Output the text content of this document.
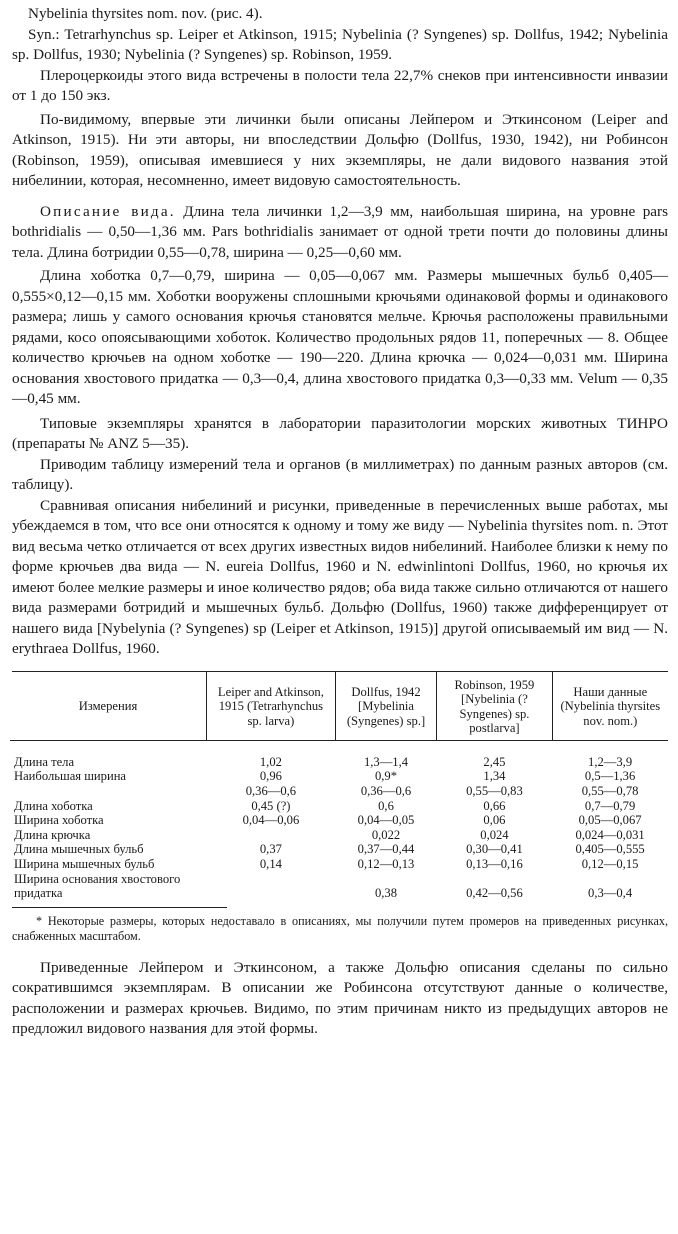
Nybelinia thyrsites nom. nov. (рис. 4).

Syn.: Tetrarhynchus sp. Leiper et Atkinson, 1915; Nybelinia (? Syngenes) sp. Dollfus, 1942; Nybelinia sp. Dollfus, 1930; Nybelinia (? Syngenes) sp. Robinson, 1959.

Плероцеркоиды этого вида встречены в полости тела 22,7% снеков при интенсивности инвазии от 1 до 150 экз.

По-видимому, впервые эти личинки были описаны Лейпером и Эткинсоном (Leiper and Atkinson, 1915). Ни эти авторы, ни впоследствии Дольфю (Dollfus, 1930, 1942), ни Робинсон (Robinson, 1959), описывая имевшиеся у них экземпляры, не дали видового названия этой нибелинии, которая, несомненно, имеет видовую самостоятельность.

Описание вида. Длина тела личинки 1,2—3,9 мм, наибольшая ширина, на уровне pars bothridialis — 0,50—1,36 мм. Pars bothridialis занимает от одной трети почти до половины длины тела. Длина ботридии 0,55—0,78, ширина — 0,25—0,60 мм.

Длина хоботка 0,7—0,79, ширина — 0,05—0,067 мм. Размеры мышечных бульб 0,405—0,555×0,12—0,15 мм. Хоботки вооружены сплошными крючьями одинаковой формы и одинакового размера; лишь у самого основания крючья становятся мельче. Крючья расположены правильными рядами, косо опоясывающими хоботок. Количество продольных рядов 11, поперечных — 8. Общее количество крючьев на одном хоботке — 190—220. Длина крючка — 0,024—0,031 мм. Ширина основания хвостового придатка — 0,3—0,4, длина хвостового придатка 0,3—0,33 мм. Velum — 0,35—0,45 мм.

Типовые экземпляры хранятся в лаборатории паразитологии морских животных ТИНРО (препараты № ANZ 5—35).

Приводим таблицу измерений тела и органов (в миллиметрах) по данным разных авторов (см. таблицу).

Сравнивая описания нибелиний и рисунки, приведенные в перечисленных выше работах, мы убеждаемся в том, что все они относятся к одному и тому же виду — Nybelinia thyrsites nom. n. Этот вид весьма четко отличается от всех других известных видов нибелиний. Наиболее близки к нему по форме крючьев два вида — N. eureia Dollfus, 1960 и N. edwinlintoni Dollfus, 1960, но крючья их имеют более мелкие размеры и иное количество рядов; оба вида также сильно отличаются от нашего вида размерами ботридий и мышечных бульб. Дольфю (Dollfus, 1960) также дифференцирует от нашего вида [Nybelynia (? Syngenes) sp (Leiper et Atkinson, 1915)] другой описываемый им вид — N. erythraea Dollfus, 1960.

Измерения	Leiper and Atkinson, 1915 (Tetrarhynchus sp. larva)	Dollfus, 1942 [Mybelinia (Syngenes) sp.]	Robinson, 1959 [Nybelinia (?Syngenes) sp. postlarva]	Наши данные (Nybelinia thyrsites nov. nom.)
Длина тела	1,02	1,3—1,4	2,45	1,2—3,9
Наибольшая ширина	0,96	0,9*	1,34	0,5—1,36
	0,36—0,6	0,36—0,6	0,55—0,83	0,55—0,78
Длина хоботка	0,45 (?)	0,6	0,66	0,7—0,79
Ширина хоботка	0,04—0,06	0,04—0,05	0,06	0,05—0,067
Длина крючка		0,022	0,024	0,024—0,031
Длина мышечных бульб	0,37	0,37—0,44	0,30—0,41	0,405—0,555
Ширина мышечных бульб	0,14	0,12—0,13	0,13—0,16	0,12—0,15
Ширина основания хвостового придатка		0,38	0,42—0,56	0,3—0,4
* Некоторые размеры, которых недоставало в описаниях, мы получили путем промеров на приведенных рисунках, снабженных масштабом.

Приведенные Лейпером и Эткинсоном, а также Дольфю описания сделаны по сильно сократившимся экземплярам. В описании же Робинсона отсутствуют данные о количестве, расположении и размерах крючьев. Видимо, по этим причинам никто из предыдущих авторов не предложил видового названия для этой формы.
